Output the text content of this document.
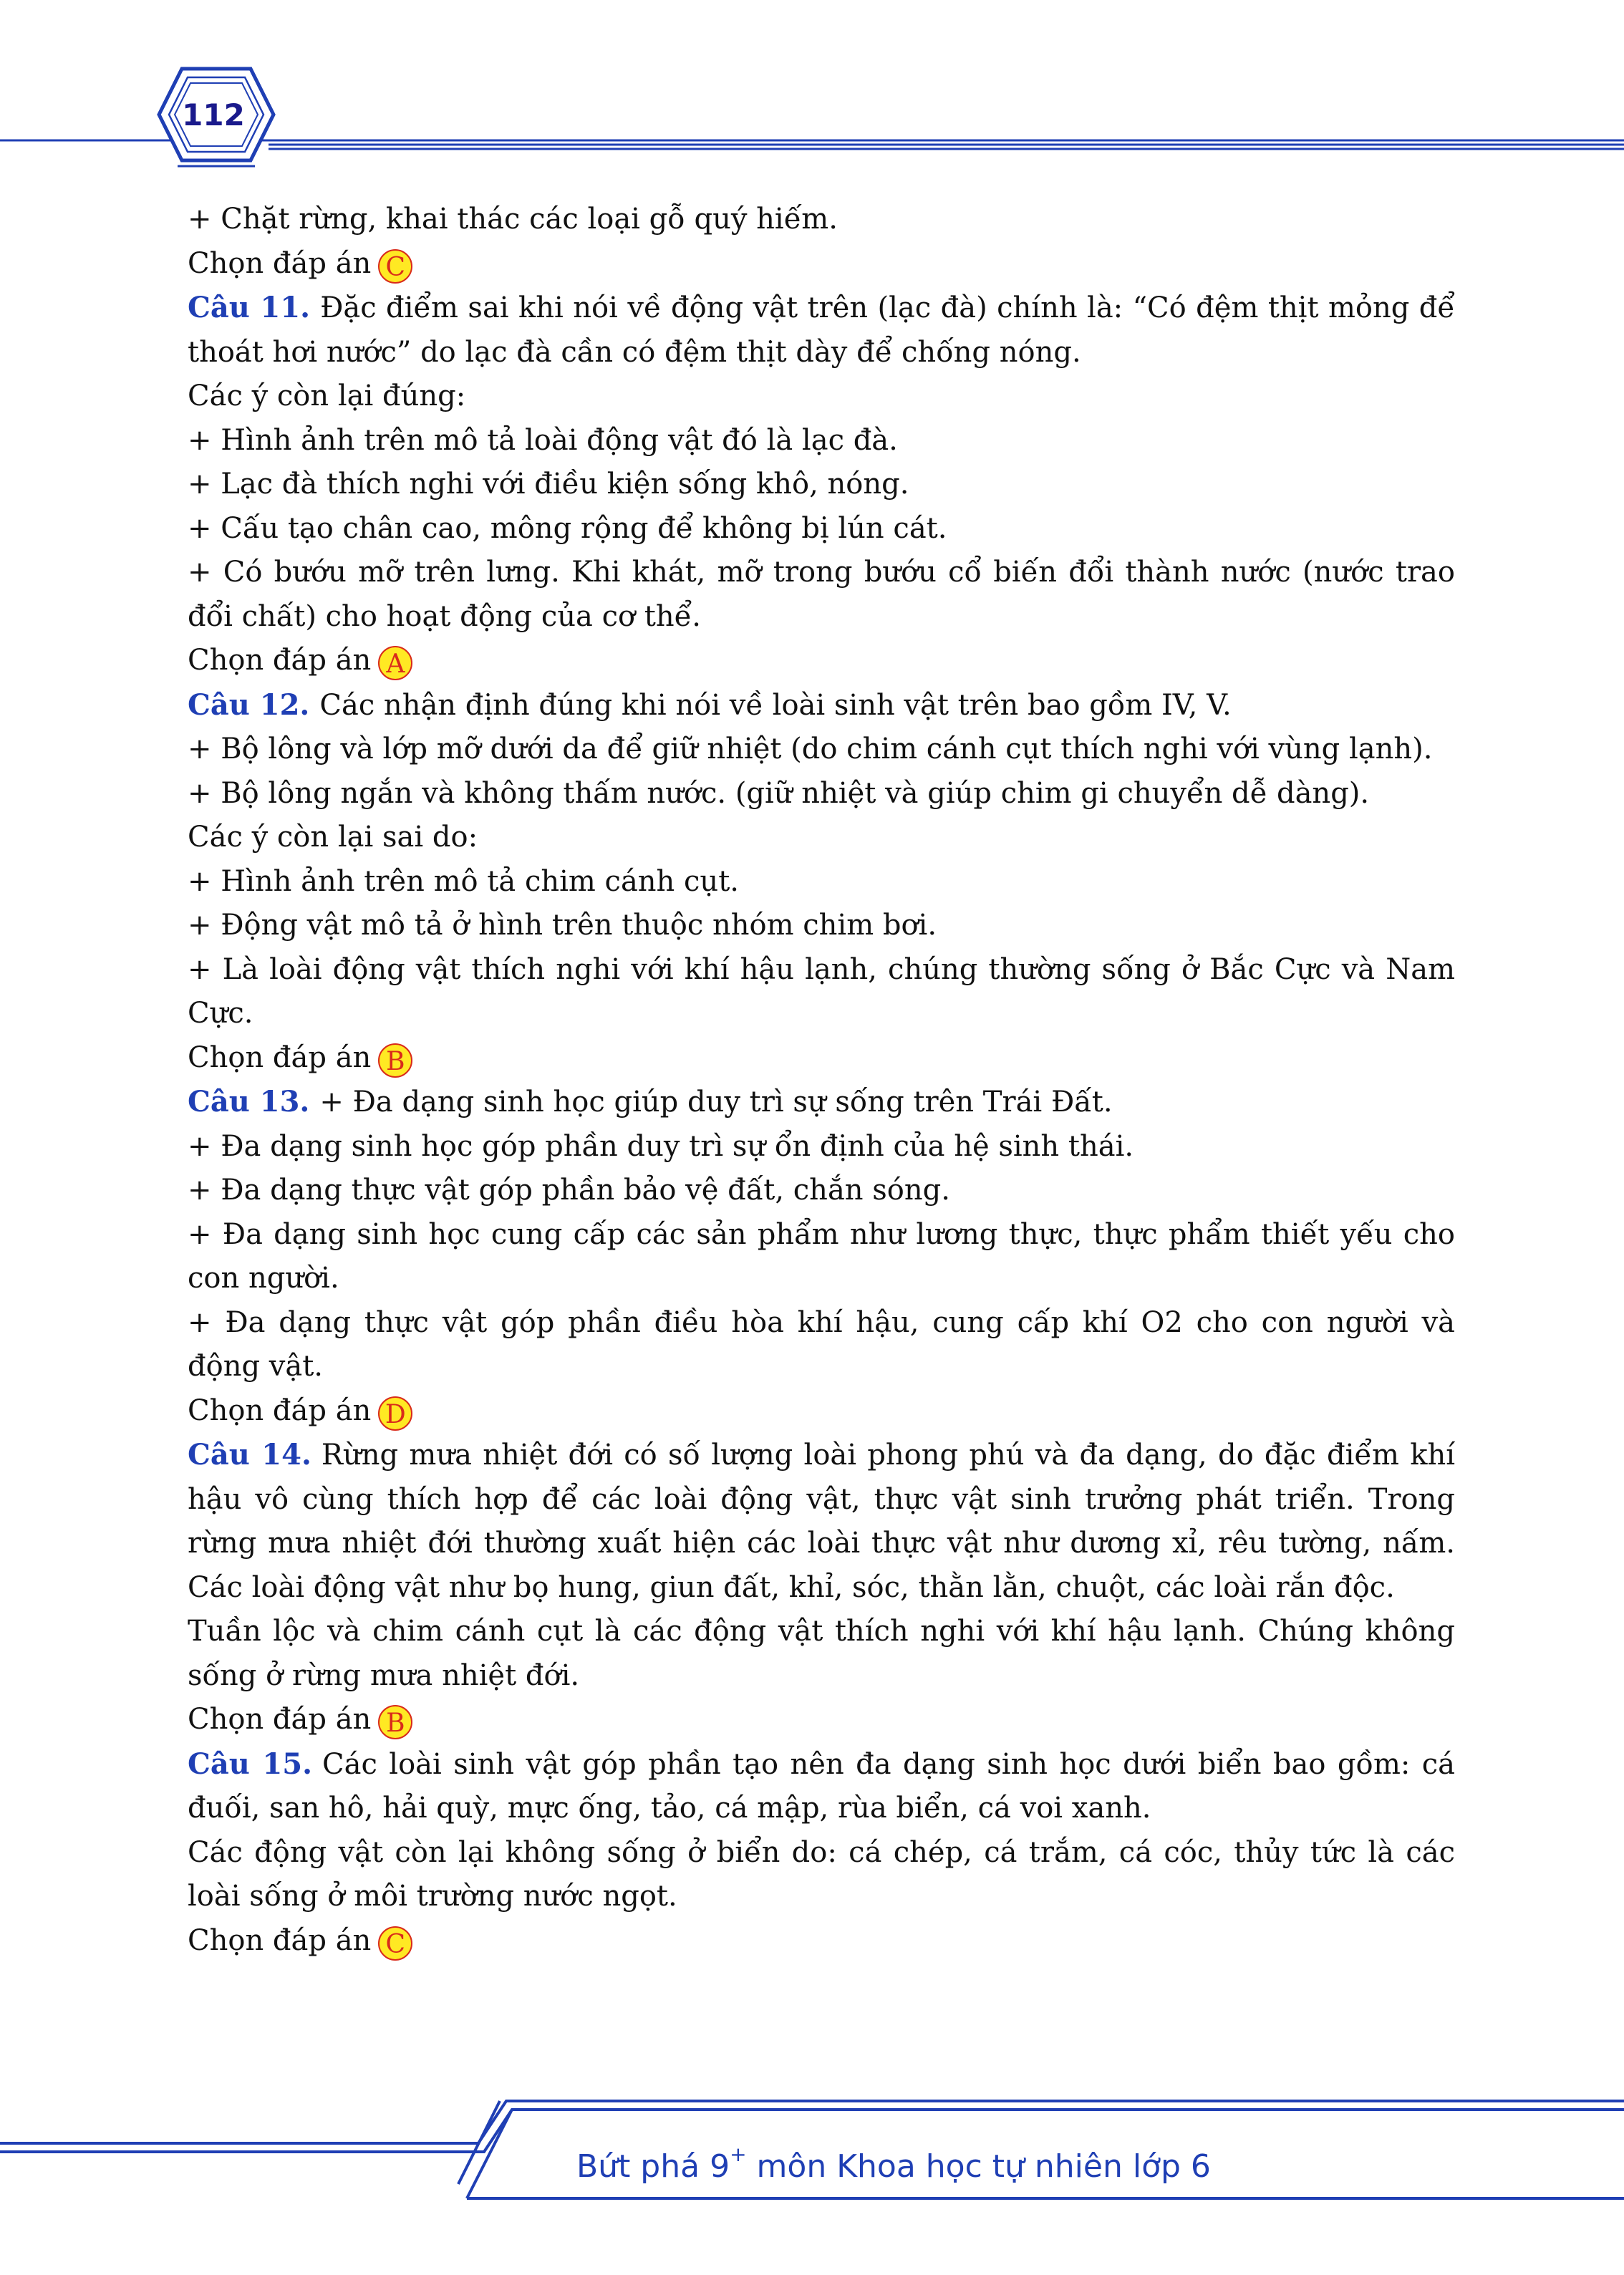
112

+ Chặt rừng, khai thác các loại gỗ quý hiếm.

Chọn đáp án C

Câu 11. Đặc điểm sai khi nói về động vật trên (lạc đà) chính là: “Có đệm thịt mỏng để thoát hơi nước” do lạc đà cần có đệm thịt dày để chống nóng.

Các ý còn lại đúng:

+ Hình ảnh trên mô tả loài động vật đó là lạc đà.

+ Lạc đà thích nghi với điều kiện sống khô, nóng.

+ Cấu tạo chân cao, mông rộng để không bị lún cát.

+ Có bướu mỡ trên lưng. Khi khát, mỡ trong bướu cổ biến đổi thành nước (nước trao đổi chất) cho hoạt động của cơ thể.

Chọn đáp án A

Câu 12. Các nhận định đúng khi nói về loài sinh vật trên bao gồm IV, V.

+ Bộ lông và lớp mỡ dưới da để giữ nhiệt (do chim cánh cụt thích nghi với vùng lạnh).

+ Bộ lông ngắn và không thấm nước. (giữ nhiệt và giúp chim gi chuyển dễ dàng).

Các ý còn lại sai do:

+ Hình ảnh trên mô tả chim cánh cụt.

+ Động vật mô tả ở hình trên thuộc nhóm chim bơi.

+ Là loài động vật thích nghi với khí hậu lạnh, chúng thường sống ở Bắc Cực và Nam Cực.

Chọn đáp án B

Câu 13. + Đa dạng sinh học giúp duy trì sự sống trên Trái Đất.

+ Đa dạng sinh học góp phần duy trì sự ổn định của hệ sinh thái.

+ Đa dạng thực vật góp phần bảo vệ đất, chắn sóng.

+ Đa dạng sinh học cung cấp các sản phẩm như lương thực, thực phẩm thiết yếu cho con người.

+ Đa dạng thực vật góp phần điều hòa khí hậu, cung cấp khí O2 cho con người và động vật.

Chọn đáp án D

Câu 14. Rừng mưa nhiệt đới có số lượng loài phong phú và đa dạng, do đặc điểm khí hậu vô cùng thích hợp để các loài động vật, thực vật sinh trưởng phát triển. Trong rừng mưa nhiệt đới thường xuất hiện các loài thực vật như dương xỉ, rêu tường, nấm. Các loài động vật như bọ hung, giun đất, khỉ, sóc, thằn lằn, chuột, các loài rắn độc.

Tuần lộc và chim cánh cụt là các động vật thích nghi với khí hậu lạnh. Chúng không sống ở rừng mưa nhiệt đới.

Chọn đáp án B

Câu 15. Các loài sinh vật góp phần tạo nên đa dạng sinh học dưới biển bao gồm: cá đuối, san hô, hải quỳ, mực ống, tảo, cá mập, rùa biển, cá voi xanh.

Các động vật còn lại không sống ở biển do: cá chép, cá trắm, cá cóc, thủy tức là các loài sống ở môi trường nước ngọt.

Chọn đáp án C

Bứt phá 9+ môn Khoa học tự nhiên lớp 6
